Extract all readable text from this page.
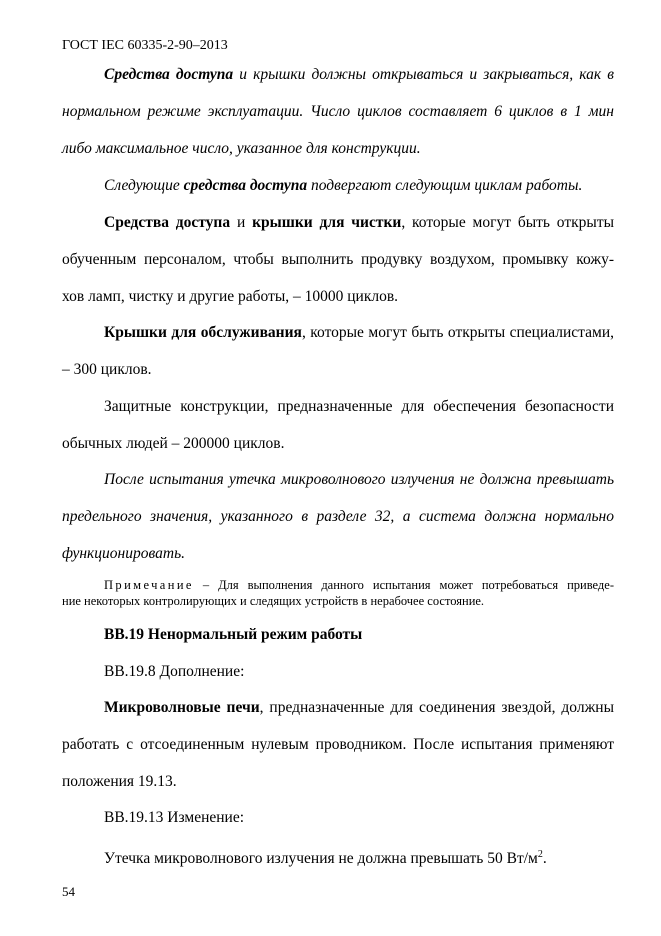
ГОСТ IEC 60335-2-90–2013
Средства доступа и крышки должны открываться и закрываться, как в
нормальном режиме эксплуатации. Число циклов составляет 6 циклов в 1 мин
либо максимальное число, указанное для конструкции.
Следующие средства доступа подвергают следующим циклам работы.
Средства доступа и крышки для чистки, которые могут быть открыты
обученным персоналом, чтобы выполнить продувку воздухом, промывку кожу-
хов ламп, чистку и другие работы, – 10000 циклов.
Крышки для обслуживания, которые могут быть открыты специалистами,
– 300 циклов.
Защитные конструкции, предназначенные для обеспечения безопасности
обычных людей – 200000 циклов.
После испытания утечка микроволнового излучения не должна превышать
предельного значения, указанного в разделе 32, а система должна нормально
функционировать.
Примечание – Для выполнения данного испытания может потребоваться приведе-
ние некоторых контролирующих и следящих устройств в нерабочее состояние.
ВВ.19 Ненормальный режим работы
ВВ.19.8 Дополнение:
Микроволновые печи, предназначенные для соединения звездой, должны
работать с отсоединенным нулевым проводником. После испытания применяют
положения 19.13.
ВВ.19.13 Изменение:
Утечка микроволнового излучения не должна превышать 50 $Вт/м^2$.
54
